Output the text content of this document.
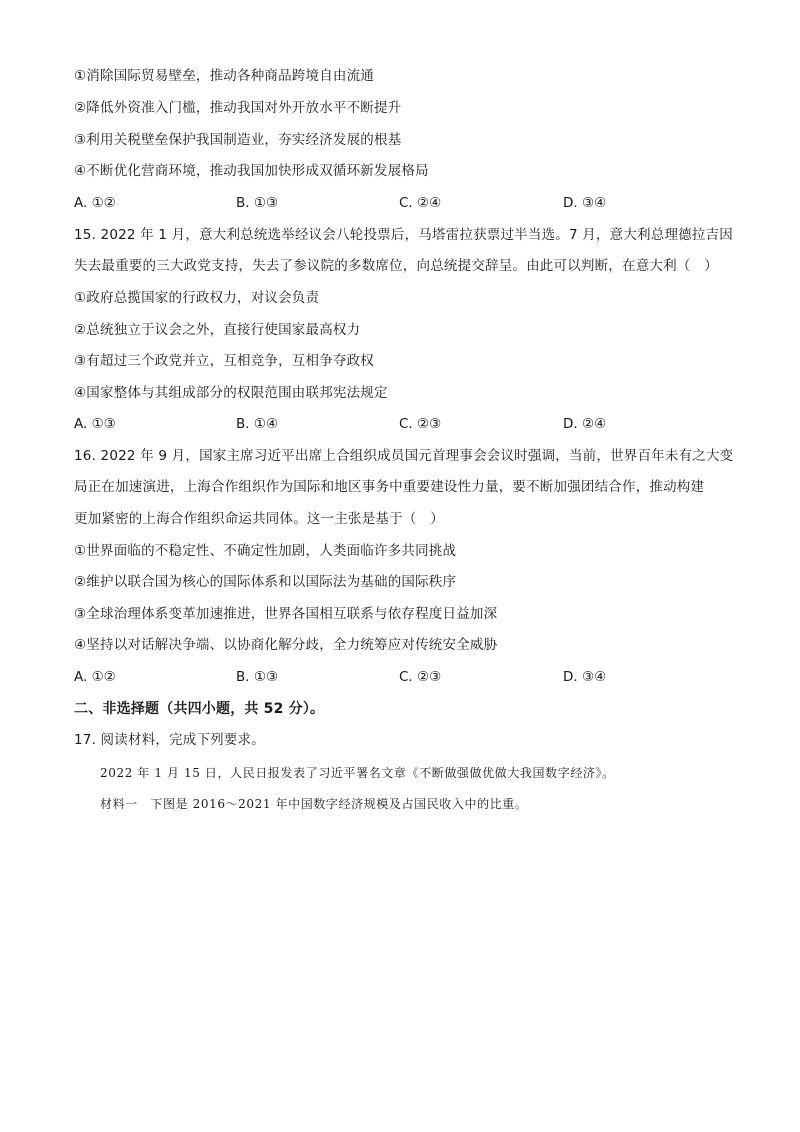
①消除国际贸易壁垒，推动各种商品跨境自由流通
②降低外资准入门槛，推动我国对外开放水平不断提升
③利用关税壁垒保护我国制造业，夯实经济发展的根基
④不断优化营商环境，推动我国加快形成双循环新发展格局
A. ①②	B. ①③	C. ②④	D. ③④
15. 2022 年 1 月，意大利总统选举经议会八轮投票后，马塔雷拉获票过半当选。7 月，意大利总理德拉吉因
失去最重要的三大政党支持，失去了参议院的多数席位，向总统提交辞呈。由此可以判断，在意大利（　）
①政府总揽国家的行政权力，对议会负责
②总统独立于议会之外，直接行使国家最高权力
③有超过三个政党并立，互相竞争，互相争夺政权
④国家整体与其组成部分的权限范围由联邦宪法规定
A. ①③	B. ①④	C. ②③	D. ②④
16. 2022 年 9 月，国家主席习近平出席上合组织成员国元首理事会会议时强调，当前，世界百年未有之大变
局正在加速演进，上海合作组织作为国际和地区事务中重要建设性力量，要不断加强团结合作，推动构建
更加紧密的上海合作组织命运共同体。这一主张是基于（　）
①世界面临的不稳定性、不确定性加剧，人类面临许多共同挑战
②维护以联合国为核心的国际体系和以国际法为基础的国际秩序
③全球治理体系变革加速推进，世界各国相互联系与依存程度日益加深
④坚持以对话解决争端、以协商化解分歧，全力统筹应对传统安全威胁
A. ①②	B. ①③	C. ②③	D. ③④
二、非选择题（共四小题，共 52 分）。
17. 阅读材料，完成下列要求。
2022 年 1 月 15 日，人民日报发表了习近平署名文章《不断做强做优做大我国数字经济》。
材料一　下图是 2016～2021 年中国数字经济规模及占国民收入中的比重。
